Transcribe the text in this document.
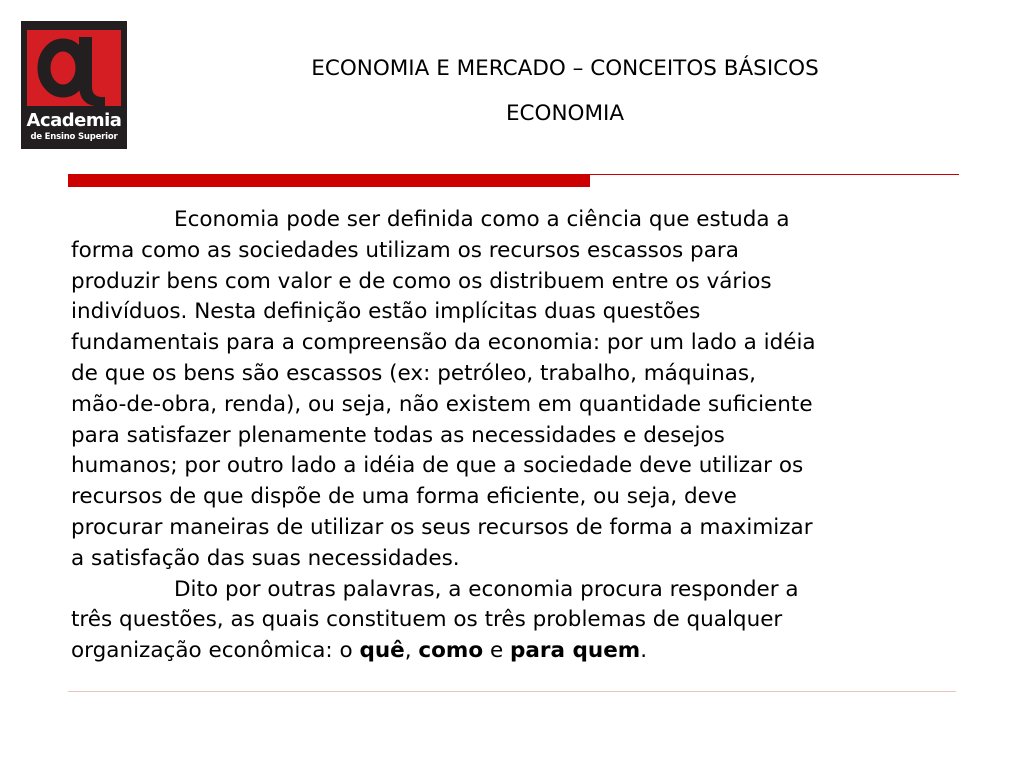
Academia
de Ensino Superior
ECONOMIA E MERCADO – CONCEITOS BÁSICOS
ECONOMIA
Economia pode ser definida como a ciência que estuda a
forma como as sociedades utilizam os recursos escassos para
produzir bens com valor e de como os distribuem entre os vários
indivíduos. Nesta definição estão implícitas duas questões
fundamentais para a compreensão da economia: por um lado a idéia
de que os bens são escassos (ex: petróleo, trabalho, máquinas,
mão-de-obra, renda), ou seja, não existem em quantidade suficiente
para satisfazer plenamente todas as necessidades e desejos
humanos; por outro lado a idéia de que a sociedade deve utilizar os
recursos de que dispõe de uma forma eficiente, ou seja, deve
procurar maneiras de utilizar os seus recursos de forma a maximizar
a satisfação das suas necessidades.
Dito por outras palavras, a economia procura responder a
três questões, as quais constituem os três problemas de qualquer
organização econômica: o quê, como e para quem.
